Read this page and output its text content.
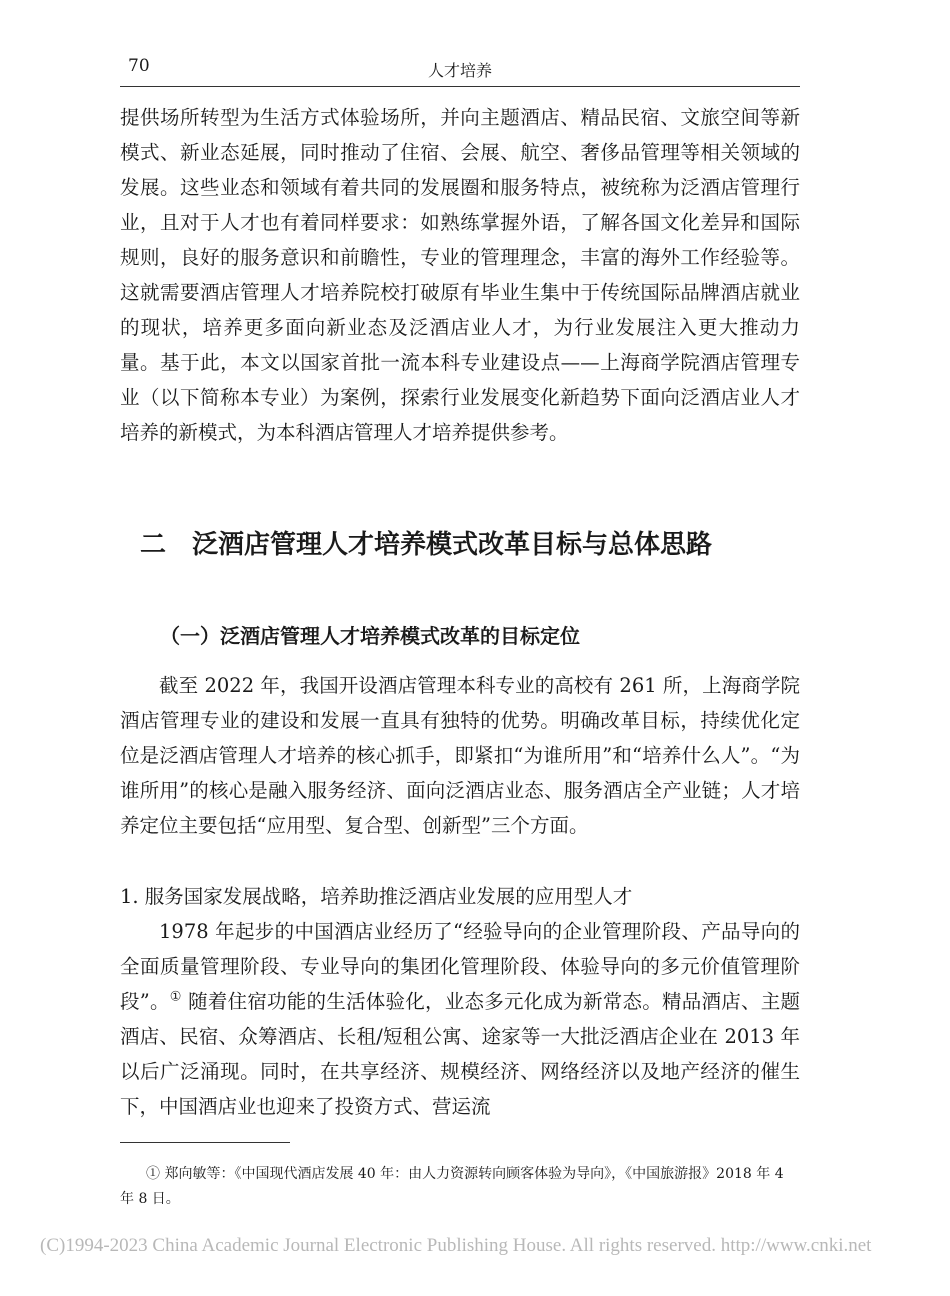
70	人才培养

提供场所转型为生活方式体验场所，并向主题酒店、精品民宿、文旅空间等新模式、新业态延展，同时推动了住宿、会展、航空、奢侈品管理等相关领域的发展。这些业态和领域有着共同的发展圈和服务特点，被统称为泛酒店管理行业，且对于人才也有着同样要求：如熟练掌握外语，了解各国文化差异和国际规则，良好的服务意识和前瞻性，专业的管理理念，丰富的海外工作经验等。这就需要酒店管理人才培养院校打破原有毕业生集中于传统国际品牌酒店就业的现状，培养更多面向新业态及泛酒店业人才，为行业发展注入更大推动力量。基于此，本文以国家首批一流本科专业建设点——上海商学院酒店管理专业（以下简称本专业）为案例，探索行业发展变化新趋势下面向泛酒店业人才培养的新模式，为本科酒店管理人才培养提供参考。

二 泛酒店管理人才培养模式改革目标与总体思路
（一）泛酒店管理人才培养模式改革的目标定位

截至 2022 年，我国开设酒店管理本科专业的高校有 261 所，上海商学院酒店管理专业的建设和发展一直具有独特的优势。明确改革目标，持续优化定位是泛酒店管理人才培养的核心抓手，即紧扣“为谁所用”和“培养什么人”。“为谁所用”的核心是融入服务经济、面向泛酒店业态、服务酒店全产业链；人才培养定位主要包括“应用型、复合型、创新型”三个方面。

1. 服务国家发展战略，培养助推泛酒店业发展的应用型人才

1978 年起步的中国酒店业经历了“经验导向的企业管理阶段、产品导向的全面质量管理阶段、专业导向的集团化管理阶段、体验导向的多元价值管理阶段”。① 随着住宿功能的生活体验化，业态多元化成为新常态。精品酒店、主题酒店、民宿、众筹酒店、长租/短租公寓、途家等一大批泛酒店企业在 2013 年以后广泛涌现。同时，在共享经济、规模经济、网络经济以及地产经济的催生下，中国酒店业也迎来了投资方式、营运流

① 郑向敏等：《中国现代酒店发展 40 年：由人力资源转向顾客体验为导向》，《中国旅游报》2018 年 4 年 8 日。

(C)1994-2023 China Academic Journal Electronic Publishing House. All rights reserved. http://www.cnki.net
